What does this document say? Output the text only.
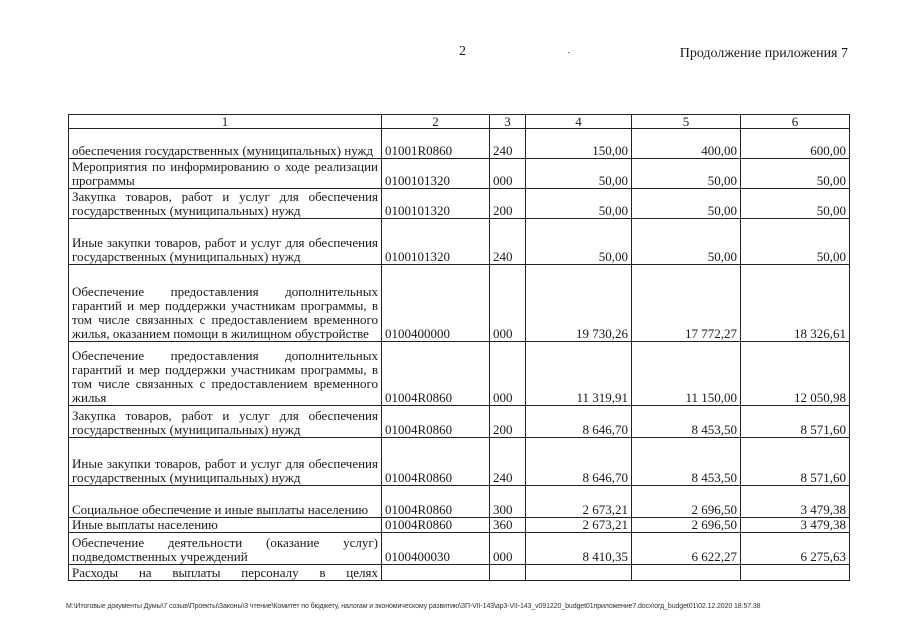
2	Продолжение приложения 7
1	2	3	4	5	6
обеспечения государственных (муниципальных) нужд	01001R0860	240	150,00	400,00	600,00
Мероприятия по информированию о ходе реализации программы	0100101320	000	50,00	50,00	50,00
Закупка товаров, работ и услуг для обеспечения государственных (муниципальных) нужд	0100101320	200	50,00	50,00	50,00
Иные закупки товаров, работ и услуг для обеспечения государственных (муниципальных) нужд	0100101320	240	50,00	50,00	50,00
Обеспечение предоставления дополнительных гарантий и мер поддержки участникам программы, в том числе связанных с предоставлением временного жилья, оказанием помощи в жилищном обустройстве	0100400000	000	19 730,26	17 772,27	18 326,61
Обеспечение предоставления дополнительных гарантий и мер поддержки участникам программы, в том числе связанных с предоставлением временного жилья	01004R0860	000	11 319,91	11 150,00	12 050,98
Закупка товаров, работ и услуг для обеспечения государственных (муниципальных) нужд	01004R0860	200	8 646,70	8 453,50	8 571,60
Иные закупки товаров, работ и услуг для обеспечения государственных (муниципальных) нужд	01004R0860	240	8 646,70	8 453,50	8 571,60
Социальное обеспечение и иные выплаты населению	01004R0860	300	2 673,21	2 696,50	3 479,38
Иные выплаты населению	01004R0860	360	2 673,21	2 696,50	3 479,38
Обеспечение деятельности (оказание услуг) подведомственных учреждений	0100400030	000	8 410,35	6 622,27	6 275,63
Расходы на выплаты персоналу в целях					
M:\Итоговые документы Думы\7 созыв\Проекты\Законы\3 чтение\Комитет по бюджету, налогам и экономическому развитию\ЗП-VII-143\ap3-VII-143_v091220_budget01приложение7.docx\огд_budget01\02.12.2020 18:57:38
